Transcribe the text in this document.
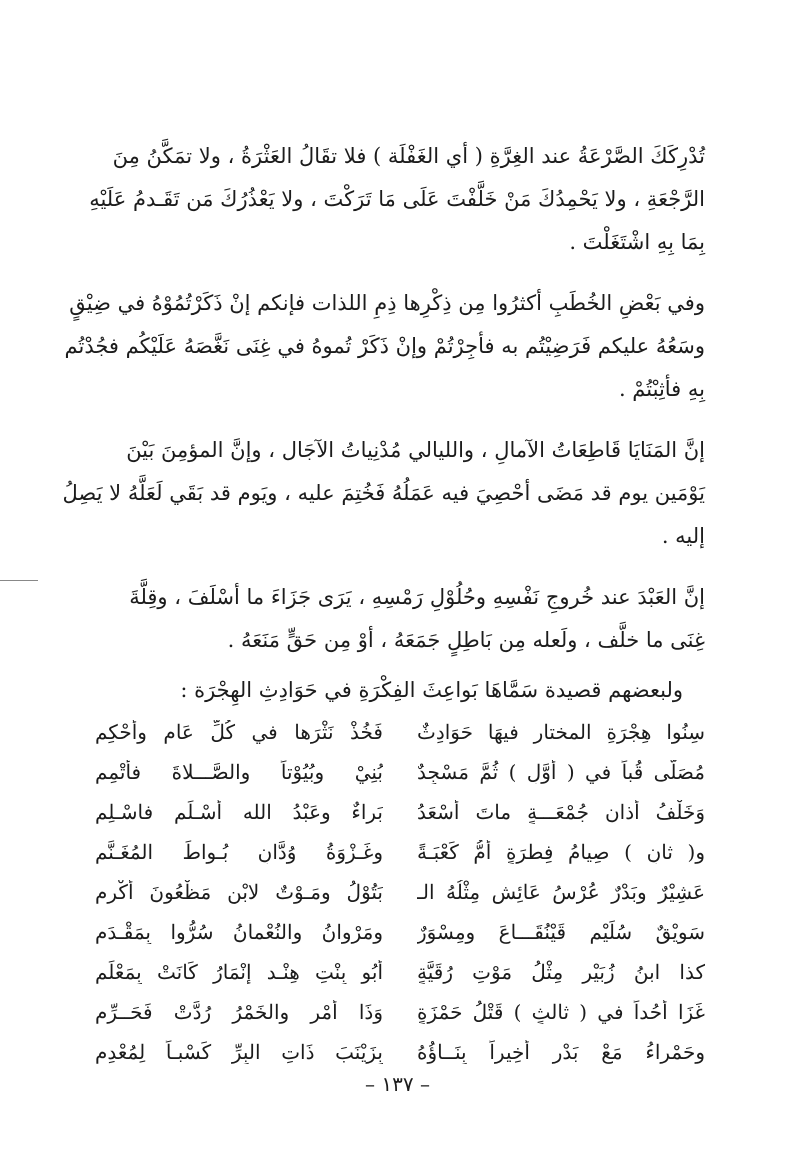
تُدْرِكَكَ الصَّرْعَةُ عند الغِرَّةِ ( أي الغَفْلَة ) فلا تقَالُ العَثْرَةُ ، ولا تمَكَّنُ مِنَ
الرَّجْعَةِ ، ولا يَحْمِدُكَ مَنْ خَلَّفْتَ عَلَى مَا تَرَكْتَ ، ولا يَعْذُرُكَ مَن تَقَـدمُ عَلَيْهِ
بِمَا بِهِ اشْتَغَلْتَ .
وفي بَعْضِ الخُطَبِ أكثرُوا مِن ذِكْرِها ذِمِ اللذات فإنكم إنْ ذَكَرْتُمُوْهُ في ضِيْقٍ
وسَعُهُ عليكم فَرَضِيْتُم به فأجِرْتُمْ وإنْ ذَكَرْ تُموهُ في غِنَى نَغَّصَهُ عَلَيْكُم فجُدْتُم
بِهِ فأثِبْتُمْ .
إنَّ المَنَايَا قَاطِعَاتُ الآمالِ ، والليالي مُدْنِياتُ الآجَال ، وإنَّ المؤمِنَ بَيْنَ
يَوْمَين يوم قد مَضَى أحْصِيَ فيه عَمَلُهُ فَخُتِمَ عليه ، ويَوم قد بَقَي لَعَلَّهُ لا يَصِلُ
إليه .
إنَّ العَبْدَ عند خُروجِ نَفْسِهِ وحُلُوْلِ رَمْسِهِ ، يَرَى جَزَاءَ ما أسْلَفَ ، وقِلَّةَ
غِنَى ما خلَّف ، ولَعله مِن بَاطِلٍ جَمَعَهُ ، أوْ مِن حَقٍّ مَنَعَهُ .

ولبعضهم قصيدة سَمَّاهَا بَواعِثَ الفِكْرَةِ في حَوَادِثِ الهِجْرَة :

سِنُوا هِجْرَةِ المختارِ فيهَا حَوَادِثٌ
فَخُذْ نَثْرَها في كُلِّ عَامٍ وأحْكِمِ
مُصَلَّى قُباً في ( أوَّلٍ ) ثُمَّ مَسْجِدٌ
بُنِيْ وبُيُوْتاً والصَّـــلاةَ فأتْمِمِ
وَخَلْفُ أذانِ جُمْعَـــةٍ ماتَ أسْعَدُ
بَراءٌ وعَبْدُ الله أسْـلَم فاسْـلِمِ
و( ثانٍ ) صِيامُ فِطرَةٍ أمُّ كَعْبَـةً
وغَـزْوَةُ وُدَّانٍ بُـواطَ المُغَـنَّمِ
عَشِيْرٌ وبَدْرٌ عُرْسُ عَائِش مِثْلُهُ الـ
بَتُوْلُ ومَـوْتٌ لابْنِ مَظْعُونَ أكْرِمِ
سَوِيْقٌ سُلَيْمٍ قَيْنُقَـــاعَ ومِسْوَرٌ
ومَرْوانُ والنُعْمانُ سُرُّوا بِمَقْـدَمِ
كذا ابنُ زُبَيْرٍ مِثْلُ مَوْتِ رُقَيَّةٍ
أبُو بِنْتِ هِنْـد إنْمَارُ كَانَتْ بِمَعْلَمِ
غَزَا أُحُداً في ( ثالثٍ ) قَتْلُ حَمْزَةٍ
وَذَا أمْرِ والخَمْرُ رُدَّتْ فَحَــرِّمِ
وحَمْراءُ مَعْ بَدْرٍ أخِيراً بِنَــاؤُهُ
بِزَيْنَبَ ذَاتِ البِرِّ كَسْبـاً لِمُعْدِمِ
– ١٣٧ –
